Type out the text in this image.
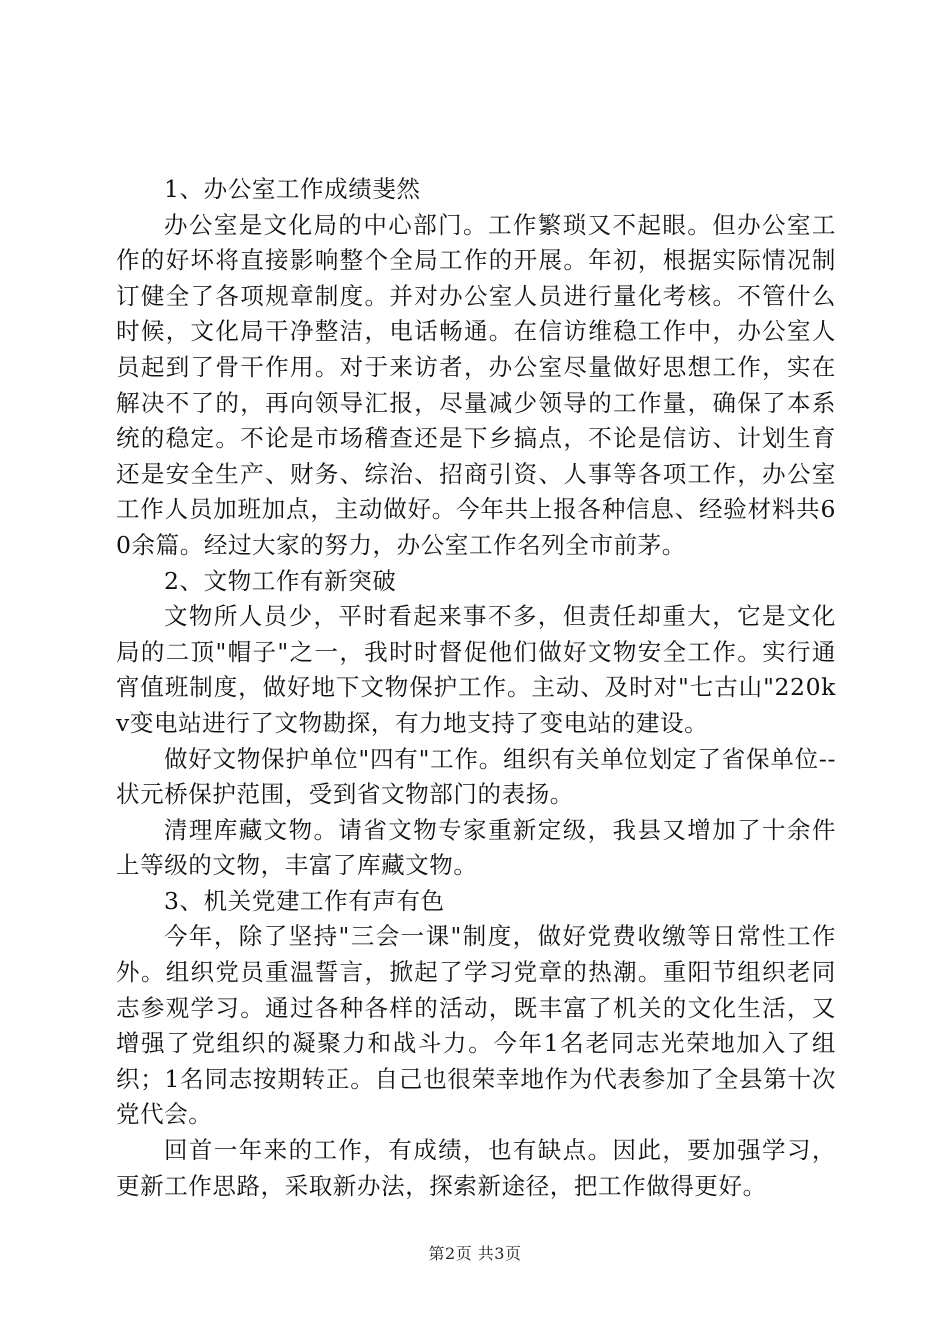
1、办公室工作成绩斐然

办公室是文化局的中心部门。工作繁琐又不起眼。但办公室工作的好坏将直接影响整个全局工作的开展。年初，根据实际情况制订健全了各项规章制度。并对办公室人员进行量化考核。不管什么时候，文化局干净整洁，电话畅通。在信访维稳工作中，办公室人员起到了骨干作用。对于来访者，办公室尽量做好思想工作，实在解决不了的，再向领导汇报，尽量减少领导的工作量，确保了本系统的稳定。不论是市场稽查还是下乡搞点，不论是信访、计划生育还是安全生产、财务、综治、招商引资、人事等各项工作，办公室工作人员加班加点，主动做好。今年共上报各种信息、经验材料共60余篇。经过大家的努力，办公室工作名列全市前茅。

2、文物工作有新突破

文物所人员少，平时看起来事不多，但责任却重大，它是文化局的二顶"帽子"之一，我时时督促他们做好文物安全工作。实行通宵值班制度，做好地下文物保护工作。主动、及时对"七古山"220kv变电站进行了文物勘探，有力地支持了变电站的建设。

做好文物保护单位"四有"工作。组织有关单位划定了省保单位--状元桥保护范围，受到省文物部门的表扬。

清理库藏文物。请省文物专家重新定级，我县又增加了十余件上等级的文物，丰富了库藏文物。

3、机关党建工作有声有色

今年，除了坚持"三会一课"制度，做好党费收缴等日常性工作外。组织党员重温誓言，掀起了学习党章的热潮。重阳节组织老同志参观学习。通过各种各样的活动，既丰富了机关的文化生活，又增强了党组织的凝聚力和战斗力。今年1名老同志光荣地加入了组织；1名同志按期转正。自己也很荣幸地作为代表参加了全县第十次党代会。

回首一年来的工作，有成绩，也有缺点。因此，要加强学习，更新工作思路，采取新办法，探索新途径，把工作做得更好。

第2页 共3页
